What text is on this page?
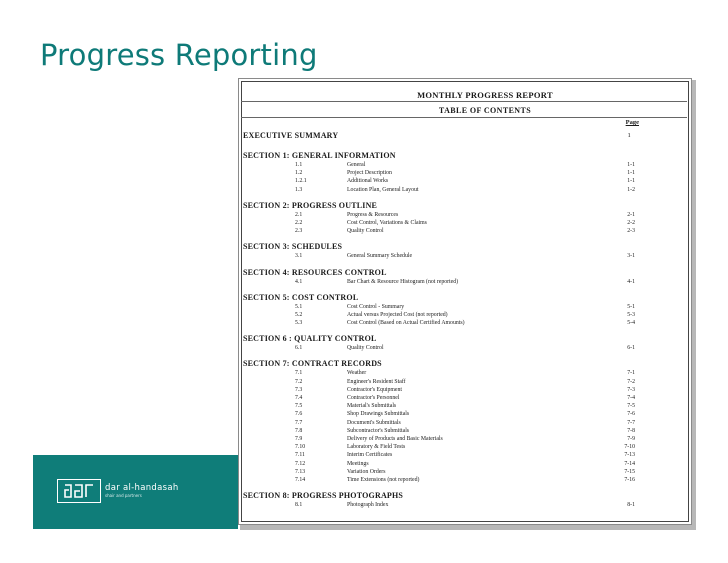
Progress Reporting
dar al-handasah
shair and partners
MONTHLY PROGRESS REPORT
TABLE OF CONTENTS
Page
EXECUTIVE SUMMARY	1
SECTION 1: GENERAL INFORMATION
1.1	General	1-1
1.2	Project Description	1-1
1.2.1	Additional Works	1-1
1.3	Location Plan, General Layout	1-2
SECTION 2: PROGRESS OUTLINE
2.1	Progress & Resources	2-1
2.2	Cost Control, Variations & Claims	2-2
2.3	Quality Control	2-3
SECTION 3: SCHEDULES
3.1	General Summary Schedule	3-1
SECTION 4: RESOURCES CONTROL
4.1	Bar Chart & Resource Histogram (not reported)	4-1
SECTION 5: COST CONTROL
5.1	Cost Control - Summary	5-1
5.2	Actual versus Projected Cost (not reported)	5-3
5.3	Cost Control (Based on Actual Certified Amounts)	5-4
SECTION 6 : QUALITY CONTROL
6.1	Quality Control	6-1
SECTION 7: CONTRACT RECORDS
7.1	Weather	7-1
7.2	Engineer's Resident Staff	7-2
7.3	Contractor's Equipment	7-3
7.4	Contractor's Personnel	7-4
7.5	Material's Submittals	7-5
7.6	Shop Drawings Submittals	7-6
7.7	Document's Submittals	7-7
7.8	Subcontractor's Submittals	7-8
7.9	Delivery of Products and Basic Materials	7-9
7.10	Laboratory & Field Tests	7-10
7.11	Interim Certificates	7-13
7.12	Meetings	7-14
7.13	Variation Orders	7-15
7.14	Time Extensions (not reported)	7-16
SECTION 8: PROGRESS PHOTOGRAPHS
8.1	Photograph Index	8-1
